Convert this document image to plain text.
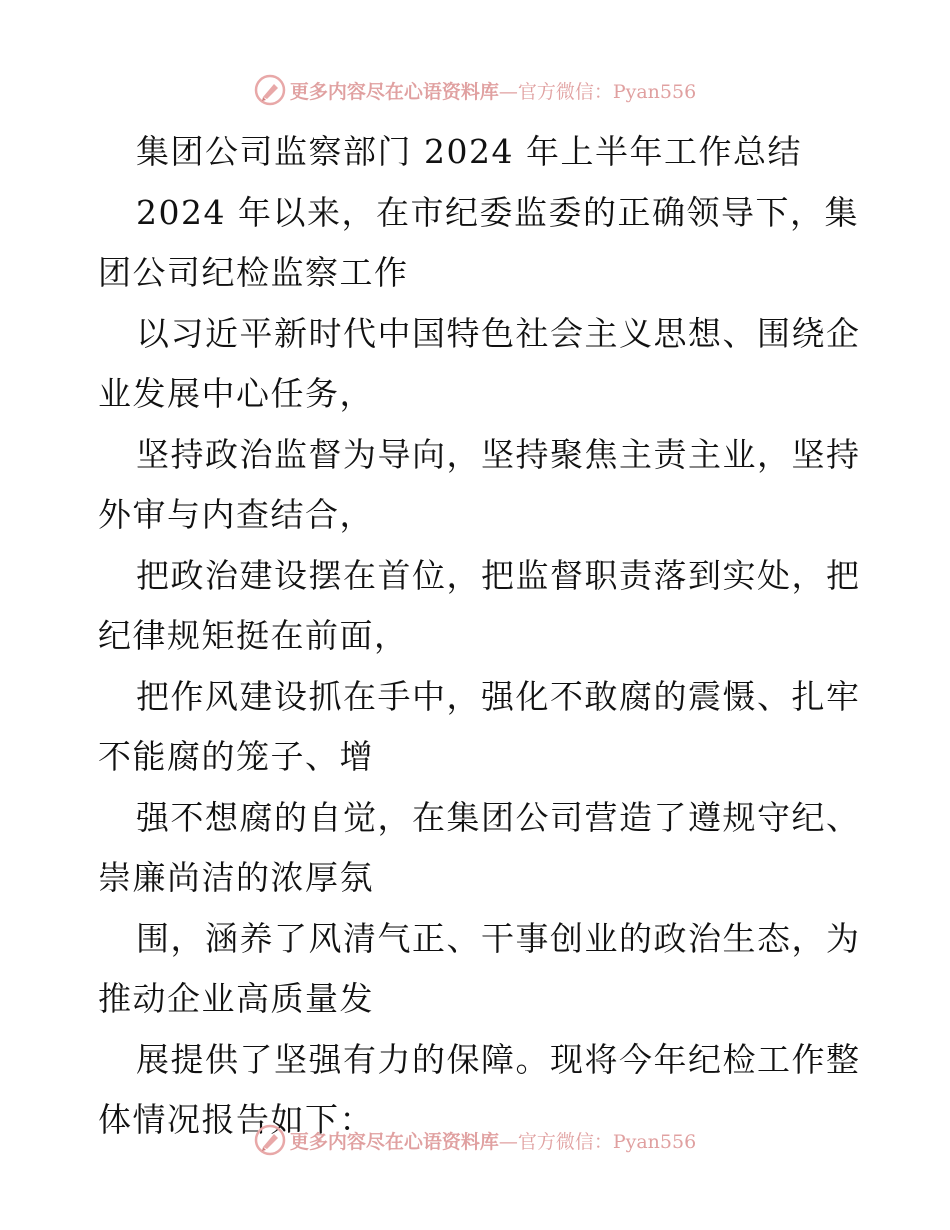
更多内容尽在心语资料库—官方微信：Pyan556
集团公司监察部门 2024 年上半年工作总结
2024 年以来，在市纪委监委的正确领导下，集
团公司纪检监察工作
以习近平新时代中国特色社会主义思想、围绕企
业发展中心任务，
坚持政治监督为导向，坚持聚焦主责主业，坚持
外审与内查结合，
把政治建设摆在首位，把监督职责落到实处，把
纪律规矩挺在前面，
把作风建设抓在手中，强化不敢腐的震慑、扎牢
不能腐的笼子、增
强不想腐的自觉，在集团公司营造了遵规守纪、
崇廉尚洁的浓厚氛
围，涵养了风清气正、干事创业的政治生态，为
推动企业高质量发
展提供了坚强有力的保障。现将今年纪检工作整
体情况报告如下：
更多内容尽在心语资料库—官方微信：Pyan556
